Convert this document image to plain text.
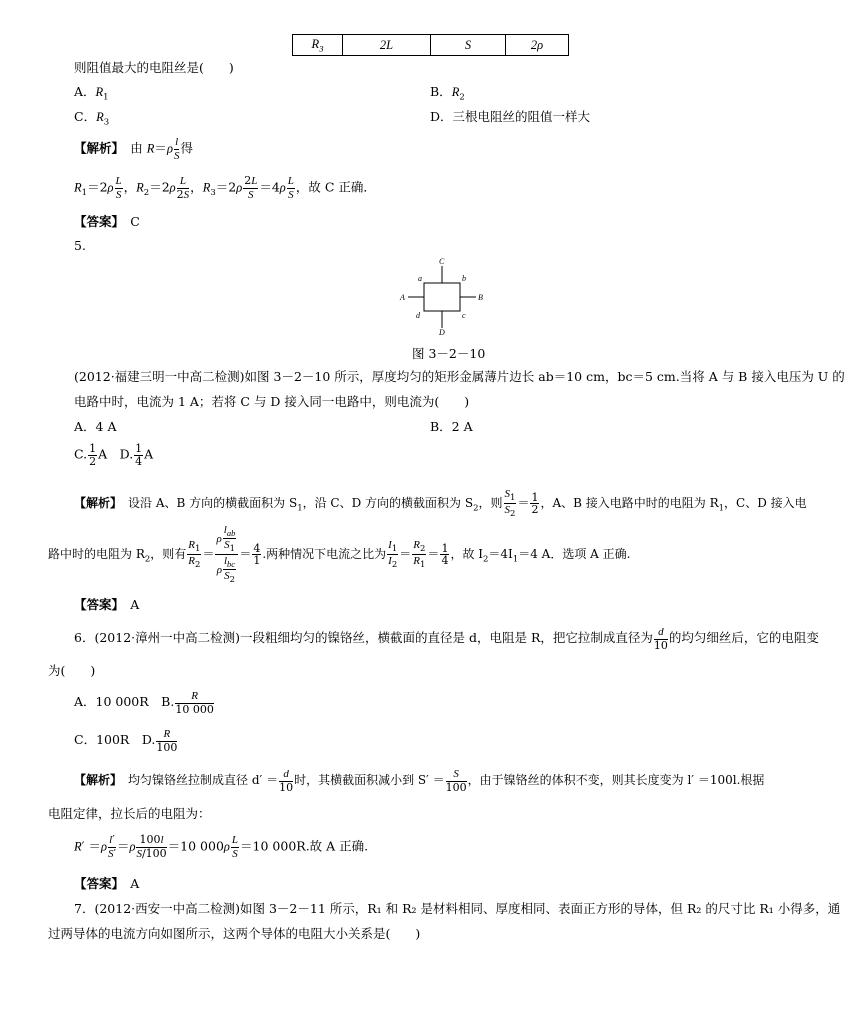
$R_3$	2L	S	2ρ
则阻值最大的电阻丝是(　　)
A．$R_1$	B．$R_2$
C．$R_3$	D．三根电阻丝的阻值一样大
【解析】　 由 $R=\rho \frac{l}{S}$ 得
$R_1=2\rho \frac{L}{S}$ ，$R_2=2\rho \frac{L}{2S}$ ，$R_3=2\rho \frac{2L}{S} =4\rho \frac{L}{S}$ ，故 C 正确．
【答案】　 C
5.
C
D
A	B
a	b
c
d
图 3－2－10
(2012·福建三明一中高二检测)如图 3－2－10 所示，厚度均匀的矩形金属薄片边长 ab＝10 cm，bc＝5 cm.当将 A 与 B 接入电压为 U 的
电路中时，电流为 1 A；若将 C 与 D 接入同一电路中，则电流为(　　)
A．4 A	B．2 A
C. $\frac{1}{2}$ A　D. $\frac{1}{4}$ A
【解析】　 设沿 A、B 方向的横截面积为 $S_1$，沿 C、D 方向的横截面积为 $S_2$，则 $\frac{S_1}{S_2} = \frac{1}{2}$ ，A、B 接入电路中时的电阻为 $R_1$，C、D 接入电
路中时的电阻为 $R_2$，则有 $\frac{R_1}{R_2} = \frac{\rho \frac{l_{ab}}{S_1}}{\rho \frac{l_{bc}}{S_2}} = \frac{4}{1}$ .两种情况下电流之比为 $\frac{I_1}{I_2} = \frac{R_2}{R_1} = \frac{1}{4}$ ，故 $I_2=4I_1=4$ A．选项 A 正确.
【答案】　 A
6．(2012·漳州一中高二检测)一段粗细均匀的镍铬丝，横截面的直径是 d，电阻是 R，把它拉制成直径为 $\frac{d}{10}$ 的均匀细丝后，它的电阻变
为(　　)
A．10 000R　B. $\frac{R}{10 000}$
C．100R　D. $\frac{R}{100}$
【解析】　 均匀镍铬丝拉制成直径 $d' = \frac{d}{10}$ 时，其横截面积减小到 $S' = \frac{S}{100}$ ，由于镍铬丝的体积不变，则其长度变为 l′ ＝100l.根据
电阻定律，拉长后的电阻为：
$R' =\rho \frac{l'}{S'} =\rho \frac{100l}{S/100} =10$ $000\rho \frac{L}{S} =10$ 000R.故 A 正确.
【答案】　 A
7．(2012·西安一中高二检测)如图 3－2－11 所示，R₁ 和 R₂ 是材料相同、厚度相同、表面正方形的导体，但 R₂ 的尺寸比 R₁ 小得多，通
过两导体的电流方向如图所示，这两个导体的电阻大小关系是(　　)
